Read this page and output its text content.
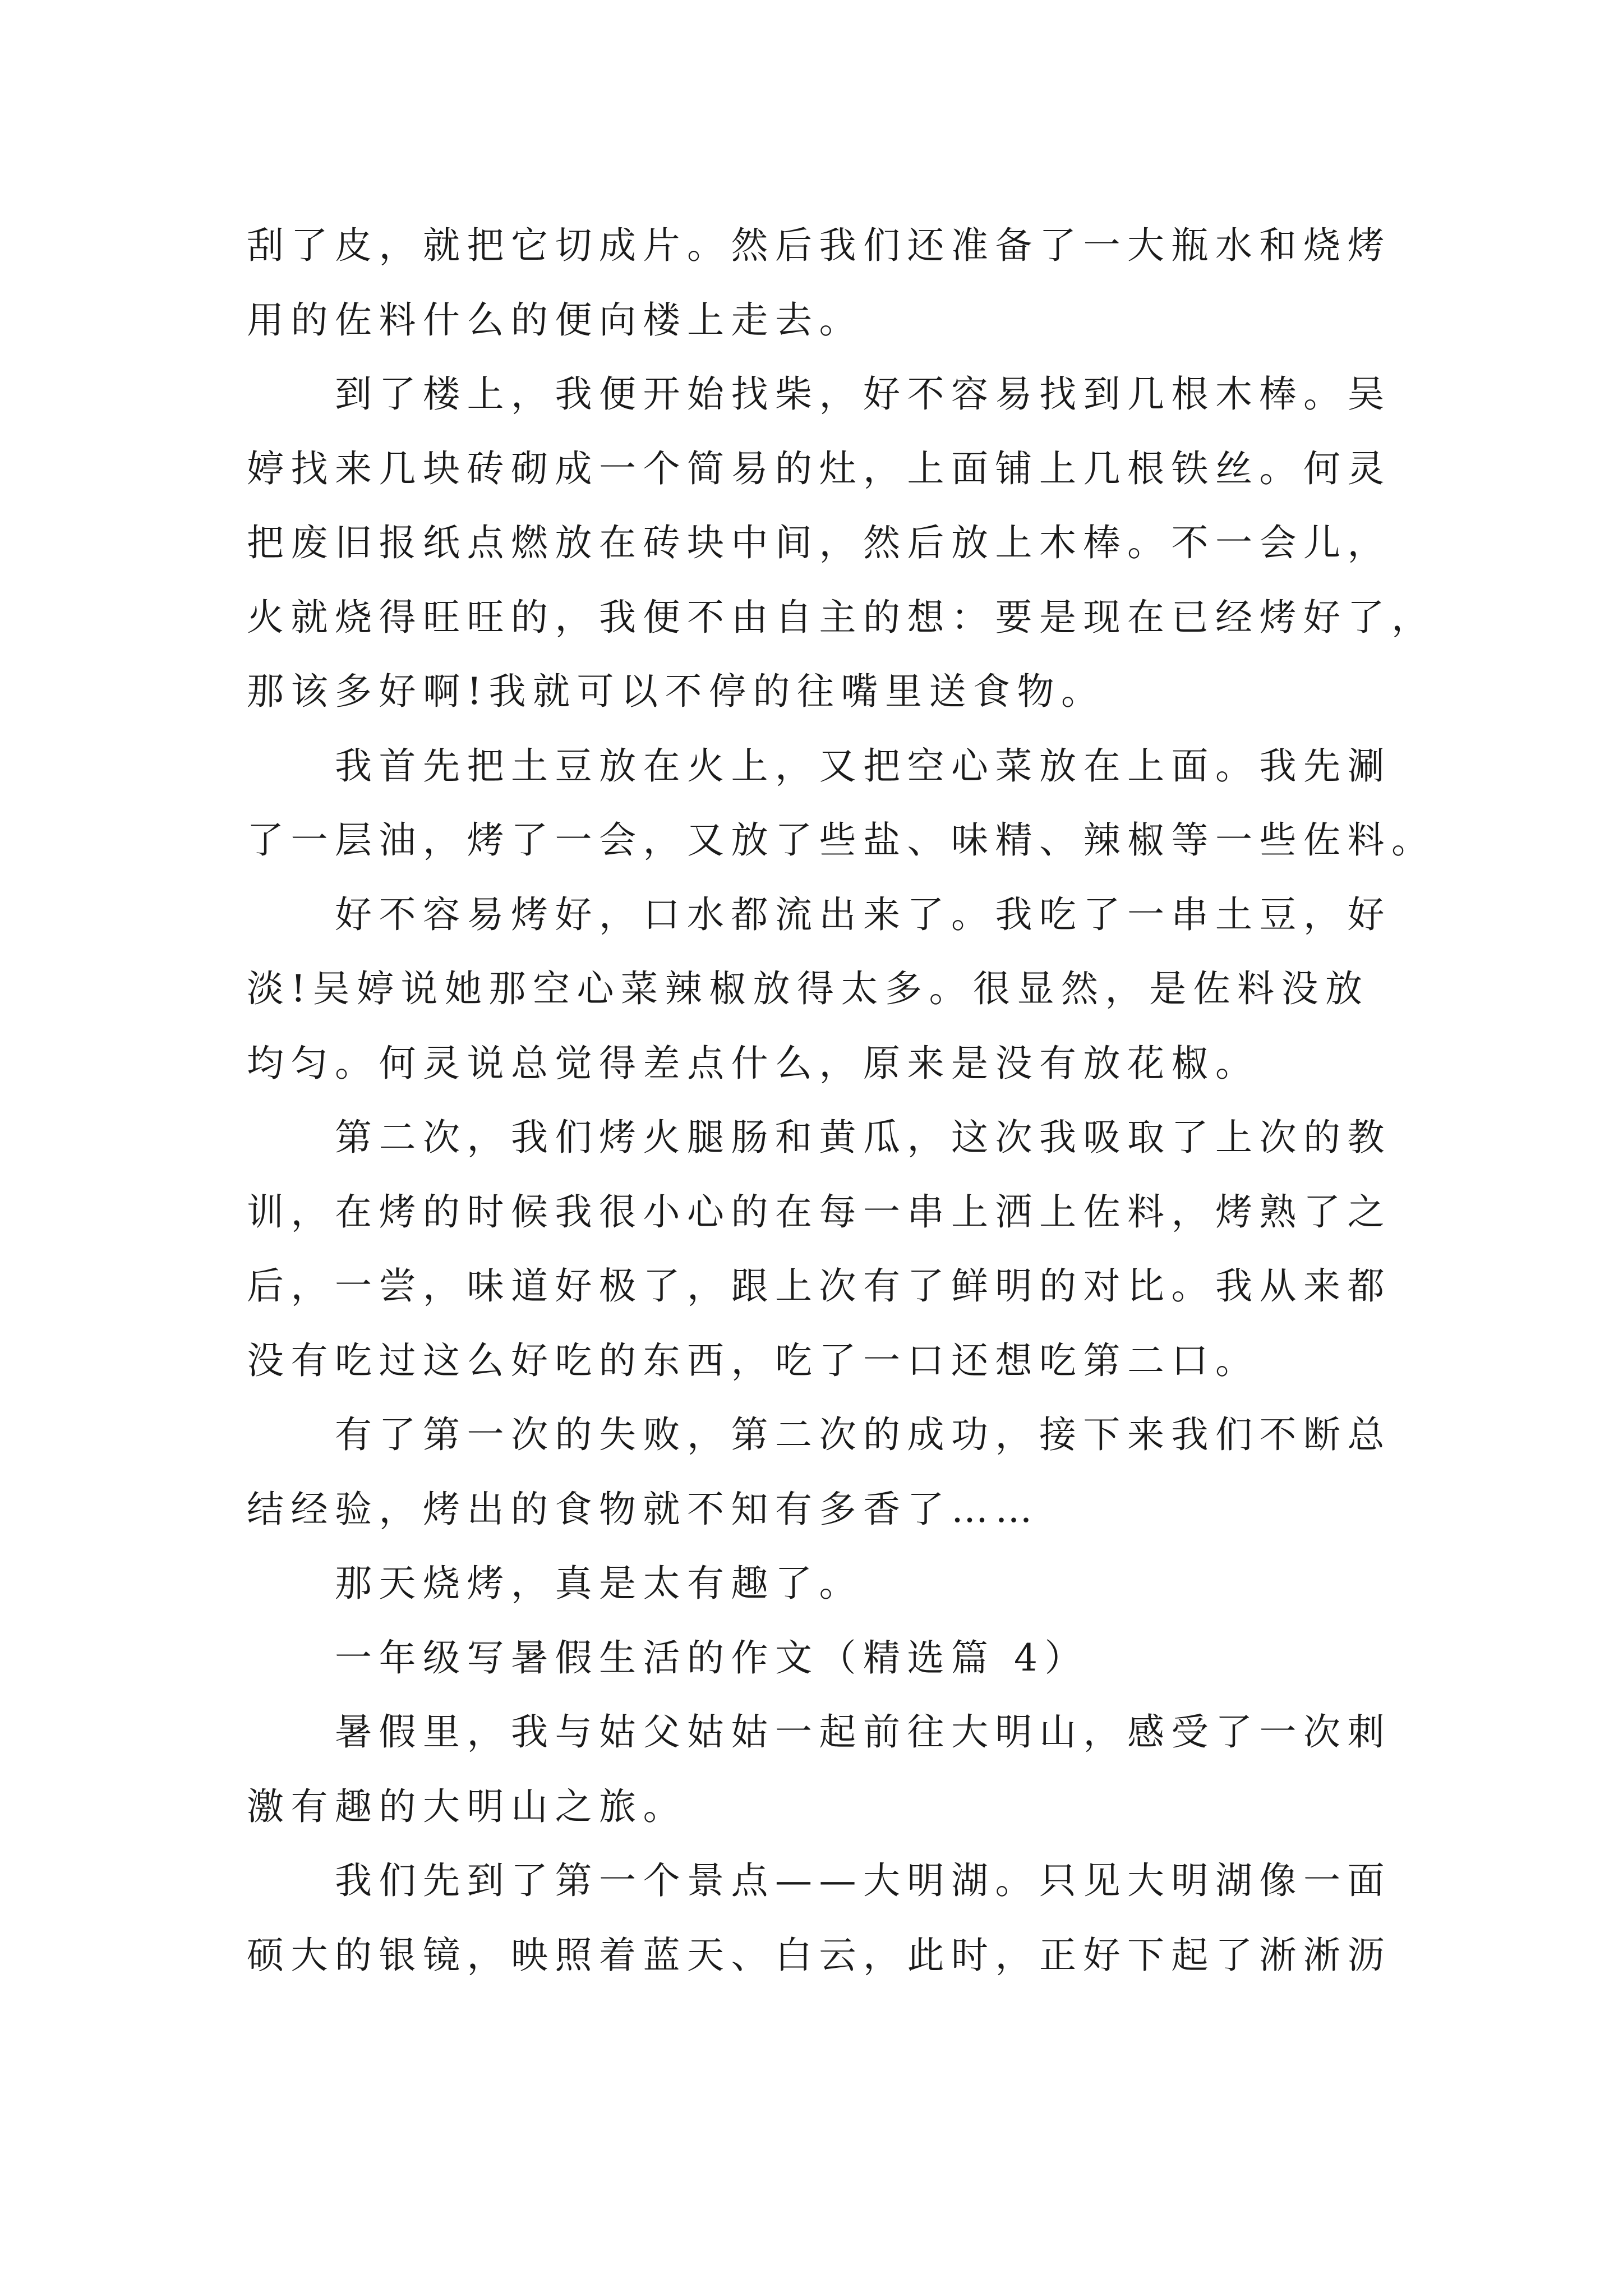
刮了皮，就把它切成片。然后我们还准备了一大瓶水和烧烤
用的佐料什么的便向楼上走去。
到了楼上，我便开始找柴，好不容易找到几根木棒。吴
婷找来几块砖砌成一个简易的灶，上面铺上几根铁丝。何灵
把废旧报纸点燃放在砖块中间，然后放上木棒。不一会儿，
火就烧得旺旺的，我便不由自主的想：要是现在已经烤好了，
那该多好啊!我就可以不停的往嘴里送食物。
我首先把土豆放在火上，又把空心菜放在上面。我先涮
了一层油，烤了一会，又放了些盐、味精、辣椒等一些佐料。
好不容易烤好，口水都流出来了。我吃了一串土豆，好
淡!吴婷说她那空心菜辣椒放得太多。很显然，是佐料没放
均匀。何灵说总觉得差点什么，原来是没有放花椒。
第二次，我们烤火腿肠和黄瓜，这次我吸取了上次的教
训，在烤的时候我很小心的在每一串上洒上佐料，烤熟了之
后，一尝，味道好极了，跟上次有了鲜明的对比。我从来都
没有吃过这么好吃的东西，吃了一口还想吃第二口。
有了第一次的失败，第二次的成功，接下来我们不断总
结经验，烤出的食物就不知有多香了……
那天烧烤，真是太有趣了。
一年级写暑假生活的作文（精选篇 4）
暑假里，我与姑父姑姑一起前往大明山，感受了一次刺
激有趣的大明山之旅。
我们先到了第一个景点——大明湖。只见大明湖像一面
硕大的银镜，映照着蓝天、白云，此时，正好下起了淅淅沥
